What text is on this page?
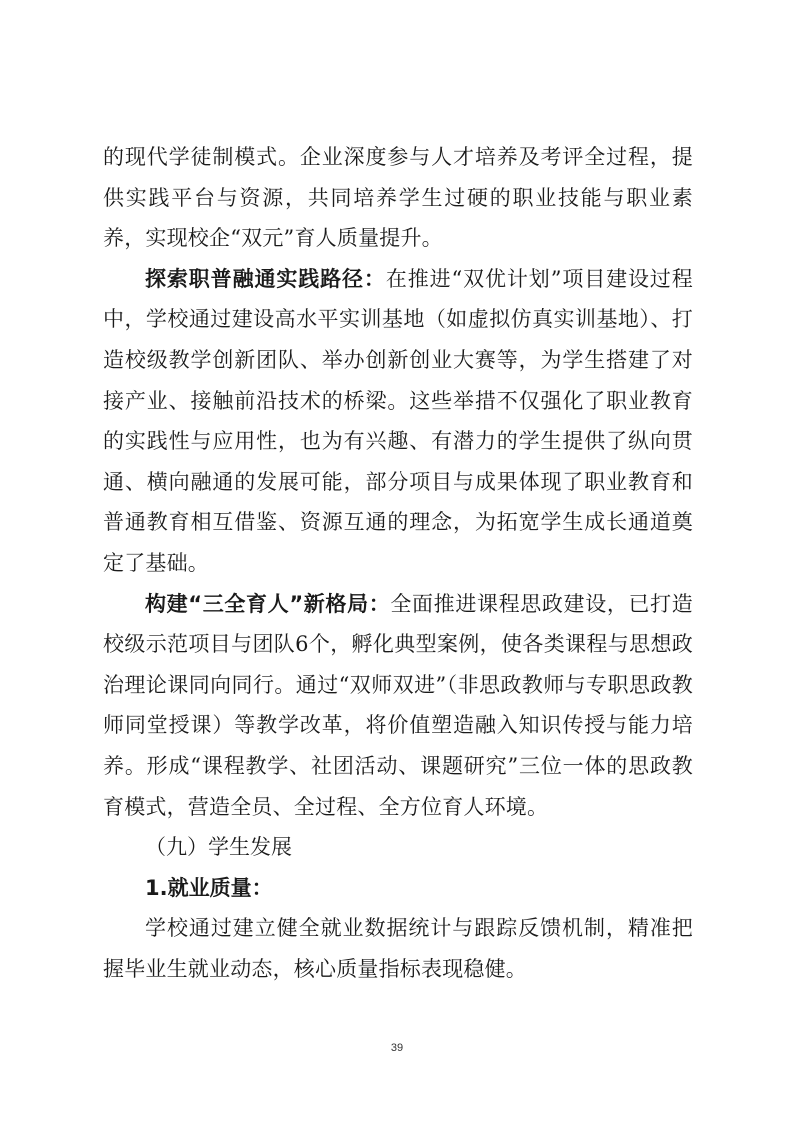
的现代学徒制模式。企业深度参与人才培养及考评全过程，提供实践平台与资源，共同培养学生过硬的职业技能与职业素养，实现校企“双元”育人质量提升。

探索职普融通实践路径：在推进“双优计划”项目建设过程中，学校通过建设高水平实训基地（如虚拟仿真实训基地）、打造校级教学创新团队、举办创新创业大赛等，为学生搭建了对接产业、接触前沿技术的桥梁。这些举措不仅强化了职业教育的实践性与应用性，也为有兴趣、有潜力的学生提供了纵向贯通、横向融通的发展可能，部分项目与成果体现了职业教育和普通教育相互借鉴、资源互通的理念，为拓宽学生成长通道奠定了基础。

构建“三全育人”新格局：全面推进课程思政建设，已打造校级示范项目与团队6个，孵化典型案例，使各类课程与思想政治理论课同向同行。通过“双师双进”（非思政教师与专职思政教师同堂授课）等教学改革，将价值塑造融入知识传授与能力培养。形成“课程教学、社团活动、课题研究”三位一体的思政教育模式，营造全员、全过程、全方位育人环境。

（九）学生发展

1.就业质量：

学校通过建立健全就业数据统计与跟踪反馈机制，精准把握毕业生就业动态，核心质量指标表现稳健。

39
